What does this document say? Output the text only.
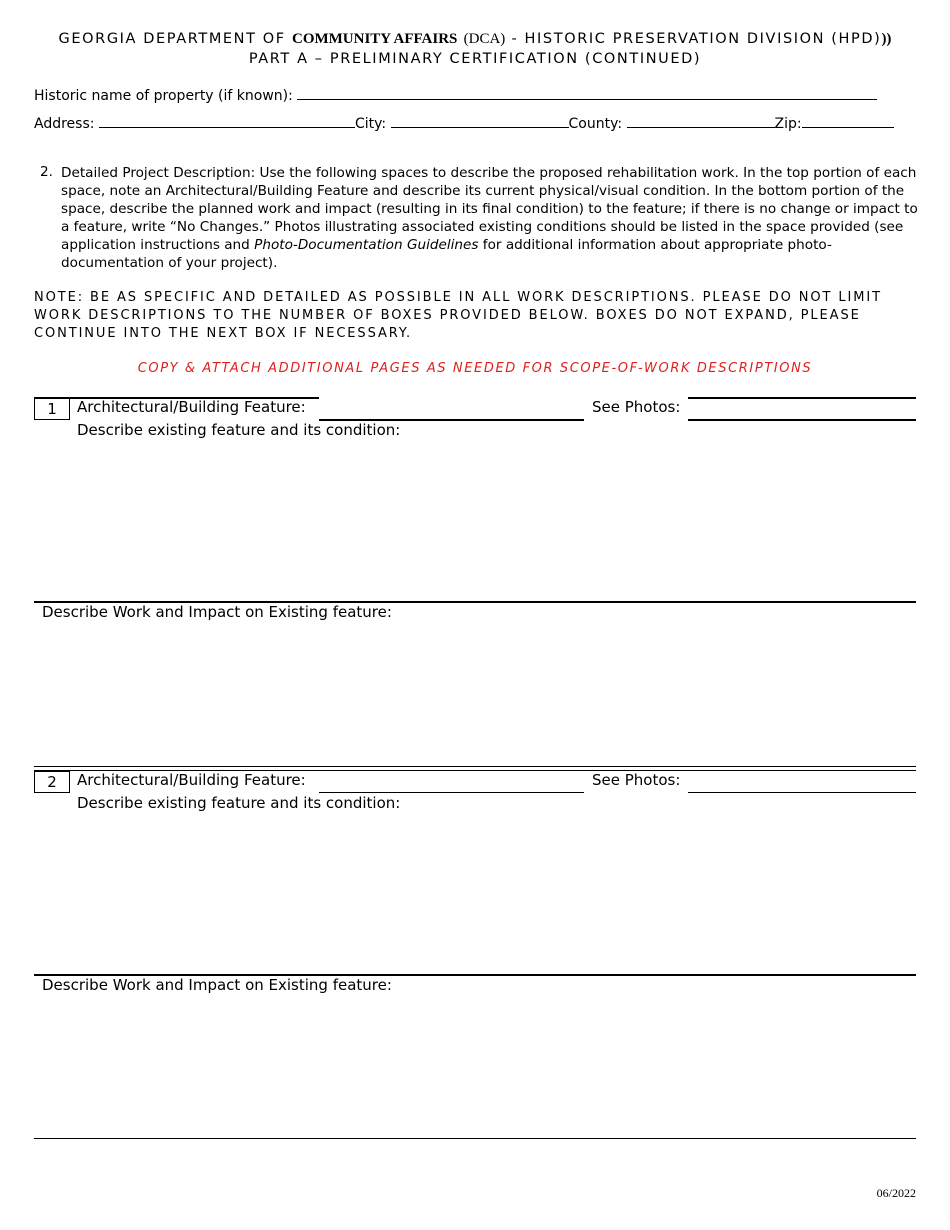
GEORGIA DEPARTMENT OF COMMUNITY AFFAIRS (DCA) - HISTORIC PRESERVATION DIVISION (HPD)))
PART A – PRELIMINARY CERTIFICATION (CONTINUED)
Historic name of property (if known):
Address:	City:	County:	Zip:
2. Detailed Project Description: Use the following spaces to describe the proposed rehabilitation work. In the top portion of each space, note an Architectural/Building Feature and describe its current physical/visual condition. In the bottom portion of the space, describe the planned work and impact (resulting in its final condition) to the feature; if there is no change or impact to a feature, write “No Changes.” Photos illustrating associated existing conditions should be listed in the space provided (see application instructions and Photo-Documentation Guidelines for additional information about appropriate photo-documentation of your project).
NOTE: BE AS SPECIFIC AND DETAILED AS POSSIBLE IN ALL WORK DESCRIPTIONS. PLEASE DO NOT LIMIT WORK DESCRIPTIONS TO THE NUMBER OF BOXES PROVIDED BELOW. BOXES DO NOT EXPAND, PLEASE CONTINUE INTO THE NEXT BOX IF NECESSARY.
COPY & ATTACH ADDITIONAL PAGES AS NEEDED FOR SCOPE-OF-WORK DESCRIPTIONS
1	Architectural/Building Feature:	See Photos:
Describe existing feature and its condition:
Describe Work and Impact on Existing feature:
2	Architectural/Building Feature:	See Photos:
Describe existing feature and its condition:
Describe Work and Impact on Existing feature:
06/2022
